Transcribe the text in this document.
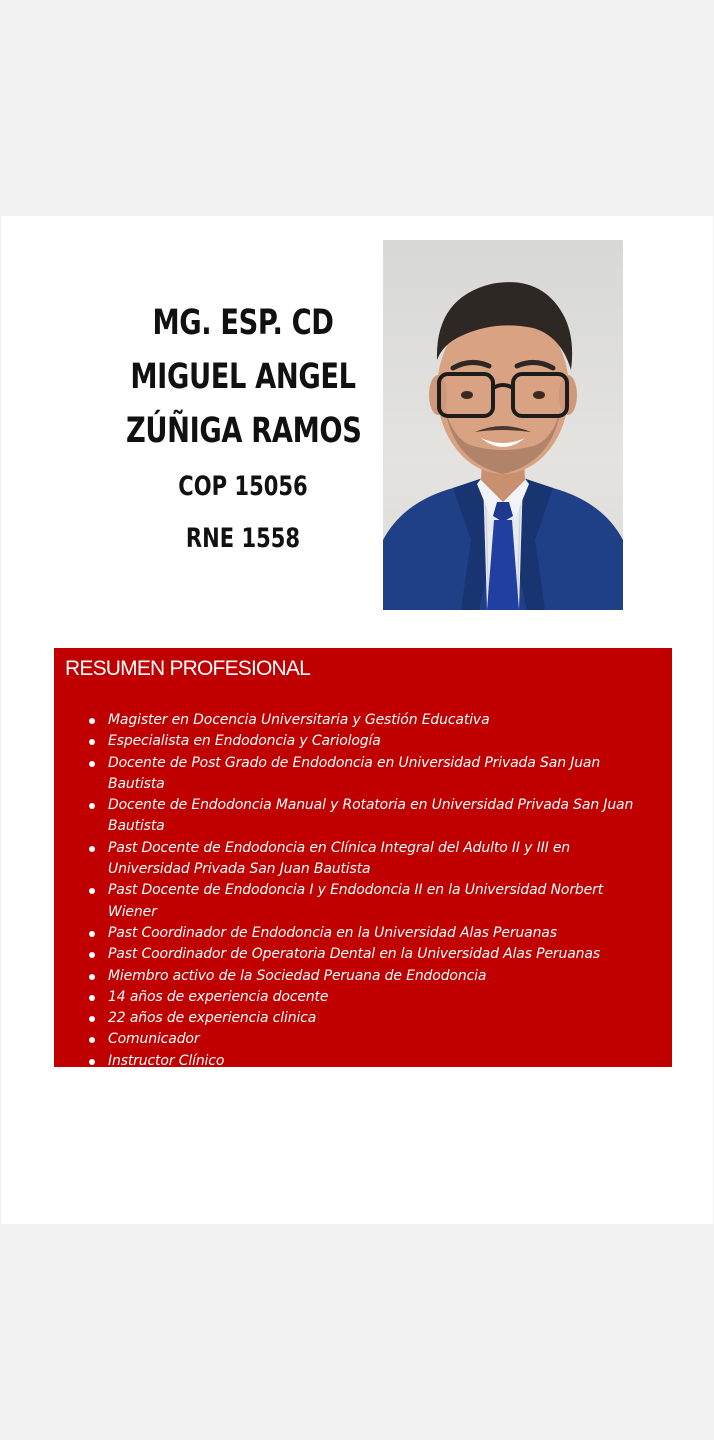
MG. ESP. CD
MIGUEL ANGEL
ZÚÑIGA RAMOS
COP 15056
RNE 1558
RESUMEN PROFESIONAL
Magister en Docencia Universitaria y Gestión Educativa
Especialista en Endodoncia y Cariología
Docente de Post Grado de Endodoncia en Universidad Privada San Juan Bautista
Docente de Endodoncia Manual y Rotatoria en Universidad Privada San Juan Bautista
Past Docente de Endodoncia en Clínica Integral del Adulto II y III en Universidad Privada San Juan Bautista
Past Docente de Endodoncia I y Endodoncia II en la Universidad Norbert Wiener
Past Coordinador de Endodoncia en la Universidad Alas Peruanas
Past Coordinador de Operatoria Dental en la Universidad Alas Peruanas
Miembro activo de la Sociedad Peruana de Endodoncia
14 años de experiencia docente
22 años de experiencia clinica
Comunicador
Instructor Clínico
Conferencista Nacional
